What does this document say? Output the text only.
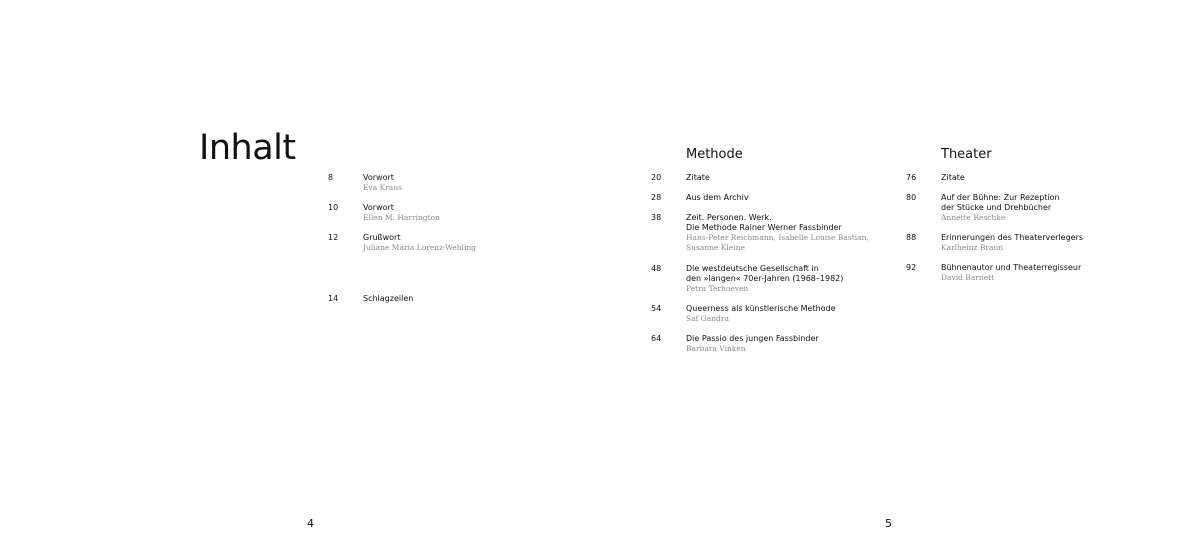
Inhalt
8	Vorwort
Eva Kraus
10	Vorwort
Ellen M. Harrington
12	Grußwort
Juliane Maria Lorenz-Wehling
14	Schlagzeilen
4
Methode
20	Zitate
28	Aus dem Archiv
38	Zeit. Personen. Werk.
Die Methode Rainer Werner Fassbinder
Hans-Peter Reichmann, Isabelle Louise Bastian,
Susanne Kleine
48	Die westdeutsche Gesellschaft in
den »langen« 70er-Jahren (1968–1982)
Petra Terhoeven
54	Queerness als künstlerische Methode
Saf Gandra
64	Die Passio des jungen Fassbinder
Barbara Vinken
Theater
76	Zitate
80	Auf der Bühne: Zur Rezeption
der Stücke und Drehbücher
Annette Reschke
88	Erinnerungen des Theaterverlegers
Karlheinz Braun
92	Bühnenautor und Theaterregisseur
David Barnett
5
